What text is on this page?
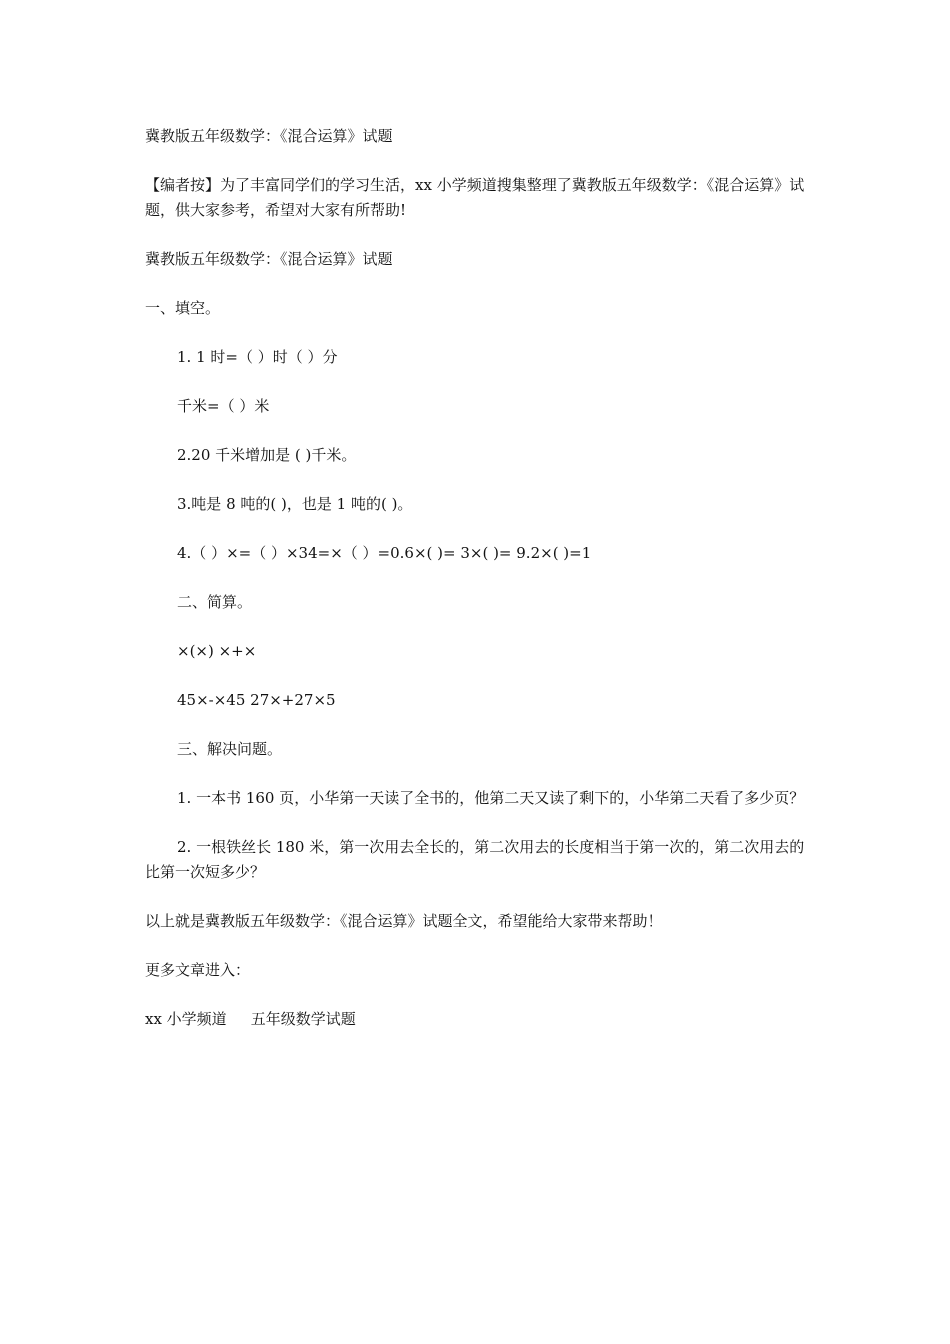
冀教版五年级数学：《混合运算》试题

【编者按】为了丰富同学们的学习生活，xx 小学频道搜集整理了冀教版五年级数学：《混合运算》试题，供大家参考，希望对大家有所帮助!

冀教版五年级数学：《混合运算》试题

一、填空。

1. 1 时=（ ）时（ ）分

千米=（ ）米

2.20 千米增加是 ( )千米。

3.吨是 8 吨的( )，也是 1 吨的( )。

4.（ ）×=（ ）×34=×（ ）=0.6×( )= 3×( )= 9.2×( )=1

二、简算。

×(×) ×+×

45×-×45 27×+27×5

三、解决问题。

1. 一本书 160 页，小华第一天读了全书的，他第二天又读了剩下的，小华第二天看了多少页？

2. 一根铁丝长 180 米，第一次用去全长的，第二次用去的长度相当于第一次的，第二次用去的比第一次短多少？

以上就是冀教版五年级数学：《混合运算》试题全文，希望能给大家带来帮助！

更多文章进入：

xx 小学频道 五年级数学试题
